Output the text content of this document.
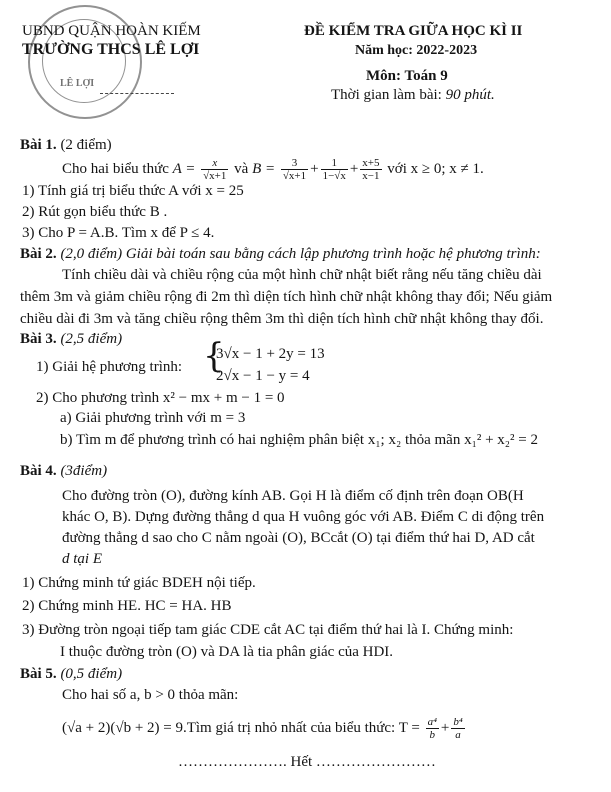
UBND QUẬN HOÀN KIẾM
TRƯỜNG THCS LÊ LỢI
LÊ LỢI
ĐỀ KIỂM TRA GIỮA HỌC KÌ II
Năm học: 2022-2023
Môn: Toán 9
Thời gian làm bài: 90 phút.
Bài 1. (2 điểm)
Cho hai biểu thức $A = \frac{x}{√x+1}$ và $B = \frac{3}{√x+1} + \frac{1}{1-√x} + \frac{x+5}{x-1}$ với x ≥ 0; x ≠ 1.
1) Tính giá trị biểu thức A với x = 25
2) Rút gọn biểu thức B .
3) Cho P = A.B. Tìm x để P ≤ 4.
Bài 2. (2,0 điểm) Giải bài toán sau bằng cách lập phương trình hoặc hệ phương trình:
Tính chiều dài và chiều rộng của một hình chữ nhật biết rằng nếu tăng chiều dài
thêm 3m và giảm chiều rộng đi 2m thì diện tích hình chữ nhật không thay đổi; Nếu giảm
chiều dài đi 3m và tăng chiều rộng thêm 3m thì diện tích hình chữ nhật không thay đổi.
Bài 3. (2,5 điểm)
1) Giải hệ phương trình: {
3√x − 1 + 2y = 13
2√x − 1 − y = 4
2) Cho phương trình x² − mx + m − 1 = 0
a) Giải phương trình với m = 3
b) Tìm m để phương trình có hai nghiệm phân biệt x₁; x₂ thỏa mãn x₁² + x₂² = 2
Bài 4. (3điểm)
Cho đường tròn (O), đường kính AB. Gọi H là điểm cố định trên đoạn OB(H
khác O, B). Dựng đường thẳng d qua H vuông góc với AB. Điểm C di động trên
đường thẳng d sao cho C nằm ngoài (O), BCcắt (O) tại điểm thứ hai D, AD cắt
d tại E
1) Chứng minh tứ giác BDEH nội tiếp.
2) Chứng minh HE. HC = HA. HB
3) Đường tròn ngoại tiếp tam giác CDE cắt AC tại điểm thứ hai là I. Chứng minh:
I thuộc đường tròn (O) và DA là tia phân giác của HDI.
Bài 5. (0,5 điểm)
Cho hai số a, b > 0 thỏa mãn:
(√a + 2)(√b + 2) = 9.Tìm giá trị nhỏ nhất của biểu thức: $T = \frac{\text{a⁴}}{b} + \frac{\text{b⁴}}{a}$
…………………. Hết ……………………
